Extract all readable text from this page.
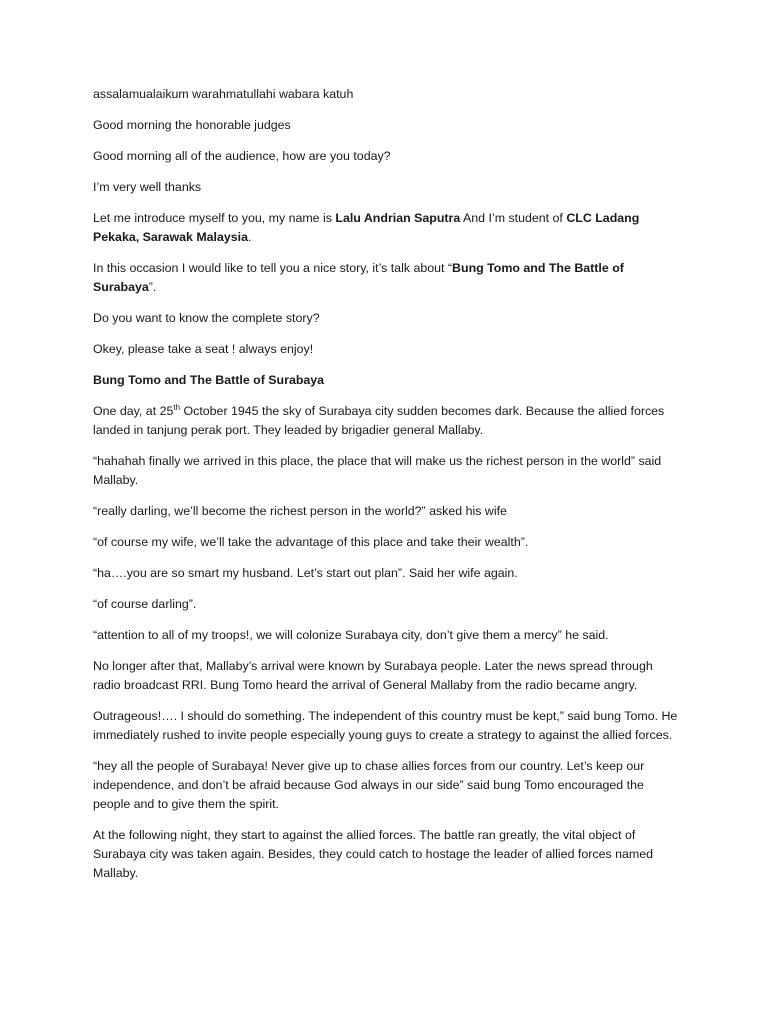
assalamualaikum warahmatullahi wabara katuh

Good morning the honorable judges

Good morning all of the audience, how are you today?

I’m very well thanks

Let me introduce myself to you, my name is Lalu Andrian Saputra And I’m student of CLC Ladang Pekaka, Sarawak Malaysia.

In this occasion I would like to tell you a nice story, it’s talk about “Bung Tomo and The Battle of Surabaya”.

Do you want to know the complete story?

Okey, please take a seat ! always enjoy!

Bung Tomo and The Battle of Surabaya

One day, at 25th October 1945 the sky of Surabaya city sudden becomes dark. Because the allied forces landed in tanjung perak port. They leaded by brigadier general Mallaby.

“hahahah finally we arrived in this place, the place that will make us the richest person in the world” said Mallaby.

“really darling, we’ll become the richest person in the world?” asked his wife

“of course my wife, we’ll take the advantage of this place and take their wealth”.

“ha….you are so smart my husband. Let’s start out plan”. Said her wife again.

“of course darling”.

“attention to all of my troops!, we will colonize Surabaya city, don’t give them a mercy” he said.

No longer after that, Mallaby’s arrival were known by Surabaya people. Later the news spread through radio broadcast RRI. Bung Tomo heard the arrival of General Mallaby from the radio became angry.

Outrageous!…. I should do something. The independent of this country must be kept,” said bung Tomo. He immediately rushed to invite people especially young guys to create a strategy to against the allied forces.

“hey all the people of Surabaya! Never give up to chase allies forces from our country. Let’s keep our independence, and don’t be afraid because God always in our side” said bung Tomo encouraged the people and to give them the spirit.

At the following night, they start to against the allied forces. The battle ran greatly, the vital object of Surabaya city was taken again. Besides, they could catch to hostage the leader of allied forces named Mallaby.
